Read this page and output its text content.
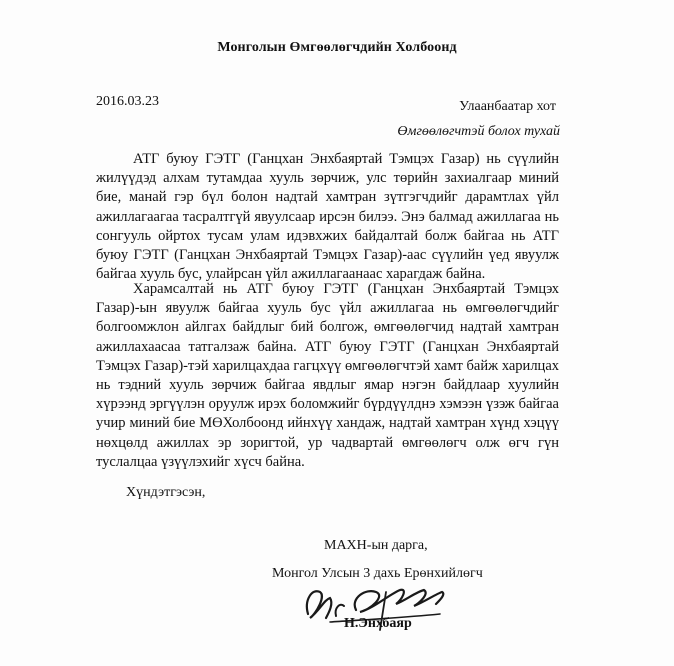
Монголын Өмгөөлөгчдийн Холбоонд
2016.03.23	Улаанбаатар хот
Өмгөөлөгчтэй болох тухай

АТГ буюу ГЭТГ (Ганцхан Энхбаяртай Тэмцэх Газар) нь сүүлийн жилүүдэд алхам тутамдаа хууль зөрчиж, улс төрийн захиалгаар миний бие, манай гэр бүл болон надтай хамтран зүтгэгчдийг дарамтлах үйл ажиллагаагаа тасралтгүй явуулсаар ирсэн билээ. Энэ балмад ажиллагаа нь сонгууль ойртох тусам улам идэвхжих байдалтай болж байгаа нь АТГ буюу ГЭТГ (Ганцхан Энхбаяртай Тэмцэх Газар)-аас сүүлийн үед явуулж байгаа хууль бус, улайрсан үйл ажиллагаанаас харагдаж байна.

Харамсалтай нь АТГ буюу ГЭТГ (Ганцхан Энхбаяртай Тэмцэх Газар)-ын явуулж байгаа хууль бус үйл ажиллагаа нь өмгөөлөгчдийг болгоомжлон айлгах байдлыг бий болгож, өмгөөлөгчид надтай хамтран ажиллахаасаа татгалзаж байна. АТГ буюу ГЭТГ (Ганцхан Энхбаяртай Тэмцэх Газар)-тэй харилцахдаа гагцхүү өмгөөлөгчтэй хамт байж харилцах нь тэдний хууль зөрчиж байгаа явдлыг ямар нэгэн байдлаар хуулийн хүрээнд эргүүлэн оруулж ирэх боломжийг бүрдүүлднэ хэмээн үзэж байгаа учир миний бие МӨХолбоонд ийнхүү хандаж, надтай хамтран хүнд хэцүү нөхцөлд ажиллах эр зоригтой, ур чадвартай өмгөөлөгч олж өгч гүн туслалцаа үзүүлэхийг хүсч байна.

Хүндэтгэсэн,
МАХН-ын дарга,
Монгол Улсын 3 дахь Ерөнхийлөгч
Н.Энхбаяр
